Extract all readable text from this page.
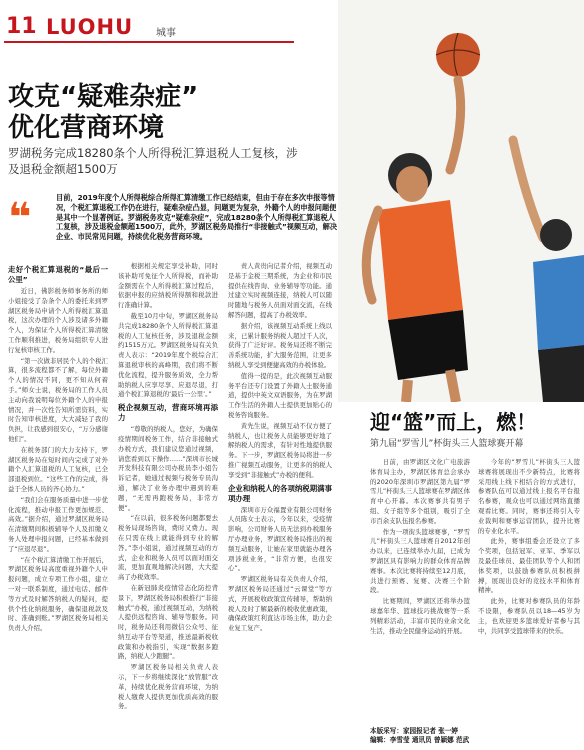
11 LUOHU 城事
攻克“疑难杂症”
优化营商环境
罗湖税务完成18280条个人所得税汇算退税人工复核，涉及退税金额超1500万
❝	目前，2019年度个人所得税综合所得汇算清缴工作已经结束，但由于存在多次申报等情况，个税汇算退税工作仍在进行，疑难杂症凸显，问题更为复杂，外籍个人的申报问题便是其中一个显著例证。罗湖税务攻克“疑难杂症”，完成18280条个人所得税汇算退税人工复核，涉及退税金额超1500万，此外，罗湖区税务局推行“非接触式”视频互动，解决企业、市民常见问题，持续优化税务营商环境。
走好个税汇算退税的“最后一公里”

近日，佛影税务师事务所的师小姐接受了杂条个人的委托来到罗湖区税务局申请个人所得税汇算退税，这次办理的个人涉及诸多外籍个人，为保证个人所得税汇算清缴工作顺利推进，税务局组织专人进行复核审核工作。

“第一次做非居民个人的个税汇算，很多流程都不了解，每位外籍个人的情况不同，更不知从何着手。”师女士说，税务局的工作人员主动向我说明每位外籍个人的申报情况，并一次性告知所需资料，实时告知审核进度，大大减轻了我的负担，让我感到很安心，“万分感谢他们”。

在税务部门的大力支持下，罗湖区税务局在短时间内完成了对外籍个人汇算退税的人工复核，已全部退税到位。“这些工作的完成，得益于全体人员的齐心协力。”

“我们会在服务质量中进一步优化流程，推动申报工作更加规范、高效。”据介绍，通过罗湖区税务局在清缴期间积极辅导个人及扣缴义务人处理申报问题，已经基本做到了“应退尽退”。

“在个税汇算清缴工作开展后，罗湖区税务局高度重视外籍个人申报问题，成立专项工作小组，建立一对一联系制度，通过电话、邮件等方式及时解答纳税人的疑问，提供个性化纳税服务，确保退税款及时、准确到账。”罗湖区税务局相关负责人介绍。

根据相关规定享受补助，同时该补助可免征个人所得税，而补助金额需在个人所得税汇算过程后，依据申报的应纳税所得额和税款进行准确计算。

截至10月中旬，罗湖区税务局共完成18280条个人所得税汇算退税的人工复核任务，涉及退税金额约1515万元。罗湖区税务局有关负责人表示：“2019年度个税综合汇算退税审核的高峰期，我们将不断优化流程，提升服务质效，全力帮助纳税人应享尽享、应退尽退，打通个税汇算退税的‘最后一公里’。”

税企视频互动，营商环境再添力

“尊敬的纳税人，您好，为确保疫情期间税务工作，结合非接触式办税方式，我们建议您通过视频，请您看到以下操作……”深圳市长城开发科技有限公司办税员李小姐告诉记者，她通过视频与税务专员沟通，解决了业务办理中遇到的难题，“无需再跑税务局，非常方便”。

“在以前，很多税务问题都要去税务局现场咨询，费时又费力。现在只需在线上就能得到专业的解答。”李小姐说，通过视频互动的方式，企业和税务人员可以面对面交流，更加直观地解决问题，大大提高了办税效率。

在新冠肺炎疫情常态化防控背景下，罗湖区税务局积极推行“非接触式”办税，通过视频互动，为纳税人提供远程咨询、辅导等服务。同时，税务局还利用微信公众号、征纳互动平台等渠道，推送最新税收政策和办税指引，实现“数据多跑路，纳税人少跑腿”。

罗湖区税务局相关负责人表示，下一步将继续深化“放管服”改革，持续优化税务营商环境，为纳税人缴费人提供更加优质高效的服务。

责人黄贵向记者介绍，视频互动是基于金税三期系统，为企业和市民提供在线咨询、业务辅导等功能。通过建立实时视频连接，纳税人可以随时随地与税务人员面对面交流，在线解答问题，提高了办税效率。

据介绍，该视频互动系统上线以来，已累计服务纳税人超过千人次，获得了广泛好评。税务局还将不断完善系统功能，扩大服务范围，让更多纳税人享受到便捷高效的办税体验。

值得一提的是，此次视频互动服务平台还专门设置了外籍人士服务通道，提供中英文双语服务，为在罗湖工作生活的外籍人士提供更加贴心的税务咨询服务。

黄先生说，视频互动不仅方便了纳税人，也让税务人员能够更好地了解纳税人的需求，有针对性地提供服务。下一步，罗湖区税务局将进一步推广视频互动服务，让更多的纳税人享受到“非接触式”办税的便利。

企业和纳税人的各项纳税期满事项办理

深圳市万众福置业有限公司财务人员陈女士表示，今年以来，受疫情影响，公司财务人员无法到办税服务厅办理业务，罗湖区税务局推出的视频互动服务，让她在家里就能办理各项涉税业务，“非常方便，也很安心”。

罗湖区税务局有关负责人介绍，罗湖区税务局还通过“云课堂”等方式，开展税收政策宣传辅导，帮助纳税人及时了解最新的税收优惠政策，确保政策红利直达市场主体，助力企业复工复产。

迎“篮”而上，燃！
第九届“罗雪儿”杯街头三人篮球赛开幕

日前，由罗湖区文化广电旅游体育局主办，罗湖区体育总会承办的2020年深圳市罗湖区第九届“罗雪儿”杯街头三人篮球赛在罗湖区体育中心开幕。本次赛事共有男子组、女子组等多个组别，吸引了全市百余支队伍报名参赛。

作为一项街头篮球赛事，“罗雪儿”杯街头三人篮球赛自2012年创办以来，已连续举办九届，已成为罗湖区具有影响力的群众体育品牌赛事。本次比赛将持续至12月底，共进行预赛、复赛、决赛三个阶段。

比赛期间，罗湖区还将举办篮球嘉年华、篮球技巧挑战赛等一系列精彩活动，丰富市民的业余文化生活，推动全民健身运动的开展。

今年的“罗雪儿”杯街头三人篮球赛将展现出不少新特点，比赛将采用线上线下相结合的方式进行，参赛队伍可以通过线上报名平台报名参赛，观众也可以通过网络直播观看比赛。同时，赛事还将引入专业裁判和赛事运营团队，提升比赛的专业化水平。

此外，赛事组委会还设立了多个奖项，包括冠军、亚军、季军以及最佳球员、最佳团队等个人和团体奖项，以鼓励参赛队员积极拼搏，展现出良好的竞技水平和体育精神。

此外，比赛对参赛队员的年龄不设限，参赛队员以18—45岁为主，也欢迎更多篮球爱好者参与其中，共同享受篮球带来的快乐。

本版采写：家园报记者 张一婷
编辑：李雪莹 通讯员 曾颖娜 范武
